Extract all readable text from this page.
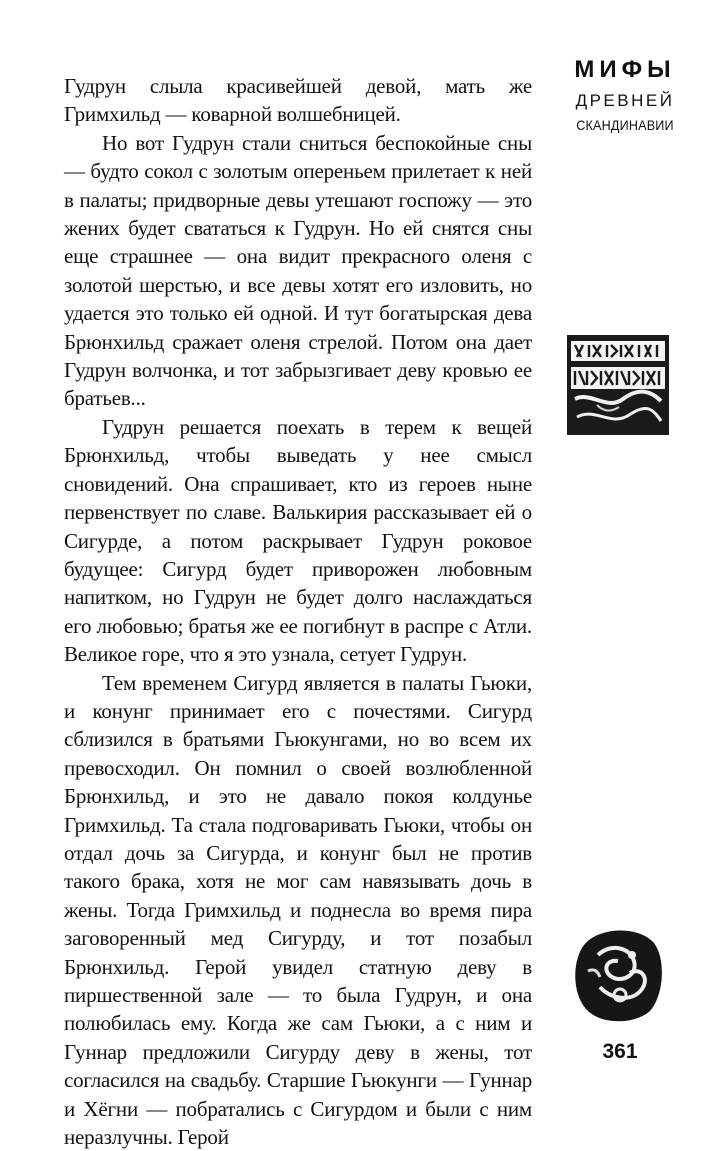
Гудрун слыла красивейшей девой, мать же Гримхильд — коварной волшебницей.

Но вот Гудрун стали сниться беспокойные сны — будто сокол с золотым опереньем прилетает к ней в палаты; придворные девы утешают госпожу — это жених будет свататься к Гудрун. Но ей снятся сны еще страшнее — она видит прекрасного оленя с золотой шерстью, и все девы хотят его изловить, но удается это только ей одной. И тут богатырская дева Брюнхильд сражает оленя стрелой. Потом она дает Гудрун волчонка, и тот забрызгивает деву кровью ее братьев...

Гудрун решается поехать в терем к вещей Брюнхильд, чтобы выведать у нее смысл сновидений. Она спрашивает, кто из героев ныне первенствует по славе. Валькирия рассказывает ей о Сигурде, а потом раскрывает Гудрун роковое будущее: Сигурд будет приворожен любовным напитком, но Гудрун не будет долго наслаждаться его любовью; братья же ее погибнут в распре с Атли. Великое горе, что я это узнала, сетует Гудрун.

Тем временем Сигурд является в палаты Гьюки, и конунг принимает его с почестями. Сигурд сблизился в братьями Гьюкунгами, но во всем их превосходил. Он помнил о своей возлюбленной Брюнхильд, и это не давало покоя колдунье Гримхильд. Та стала подговаривать Гьюки, чтобы он отдал дочь за Сигурда, и конунг был не против такого брака, хотя не мог сам навязывать дочь в жены. Тогда Гримхильд и поднесла во время пира заговоренный мед Сигурду, и тот позабыл Брюнхильд. Герой увидел статную деву в пиршественной зале — то была Гудрун, и она полюбилась ему. Когда же сам Гьюки, а с ним и Гуннар предложили Сигурду деву в жены, тот согласился на свадьбу. Старшие Гьюкунги — Гуннар и Хёгни — побратались с Сигурдом и были с ним неразлучны. Герой

МИФЫ
ДРЕВНЕЙ
СКАНДИНАВИИ
361
